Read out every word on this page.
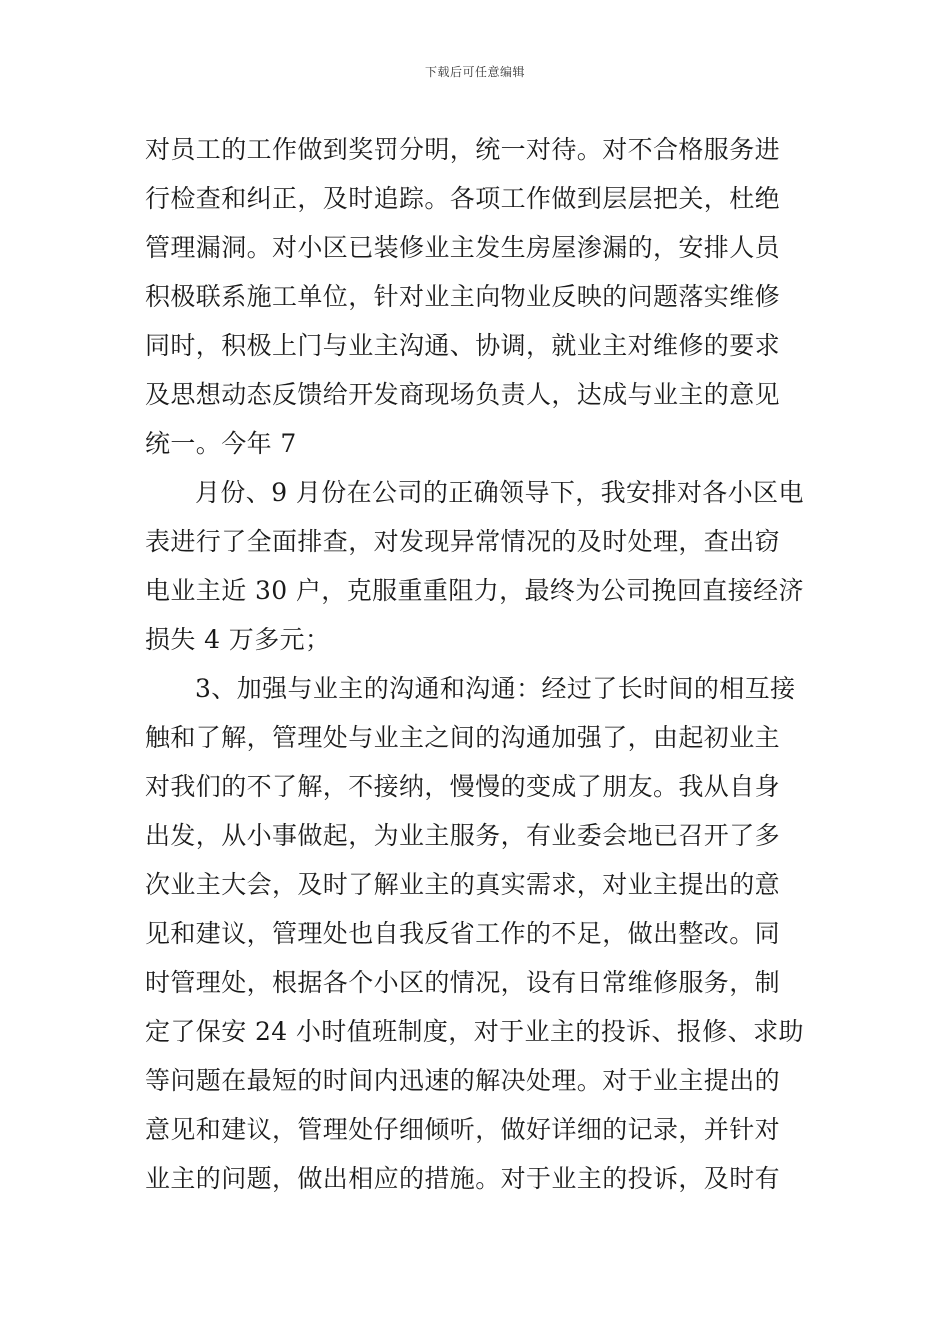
下载后可任意编辑
对员工的工作做到奖罚分明，统一对待。对不合格服务进
行检查和纠正，及时追踪。各项工作做到层层把关，杜绝
管理漏洞。对小区已装修业主发生房屋渗漏的，安排人员
积极联系施工单位，针对业主向物业反映的问题落实维修
同时，积极上门与业主沟通、协调，就业主对维修的要求
及思想动态反馈给开发商现场负责人，达成与业主的意见
统一。今年 7
月份、9 月份在公司的正确领导下，我安排对各小区电
表进行了全面排查，对发现异常情况的及时处理，查出窃
电业主近 30 户，克服重重阻力，最终为公司挽回直接经济
损失 4 万多元；
3、加强与业主的沟通和沟通：经过了长时间的相互接
触和了解，管理处与业主之间的沟通加强了，由起初业主
对我们的不了解，不接纳，慢慢的变成了朋友。我从自身
出发，从小事做起，为业主服务，有业委会地已召开了多
次业主大会，及时了解业主的真实需求，对业主提出的意
见和建议，管理处也自我反省工作的不足，做出整改。同
时管理处，根据各个小区的情况，设有日常维修服务，制
定了保安 24 小时值班制度，对于业主的投诉、报修、求助
等问题在最短的时间内迅速的解决处理。对于业主提出的
意见和建议，管理处仔细倾听，做好详细的记录，并针对
业主的问题，做出相应的措施。对于业主的投诉，及时有
